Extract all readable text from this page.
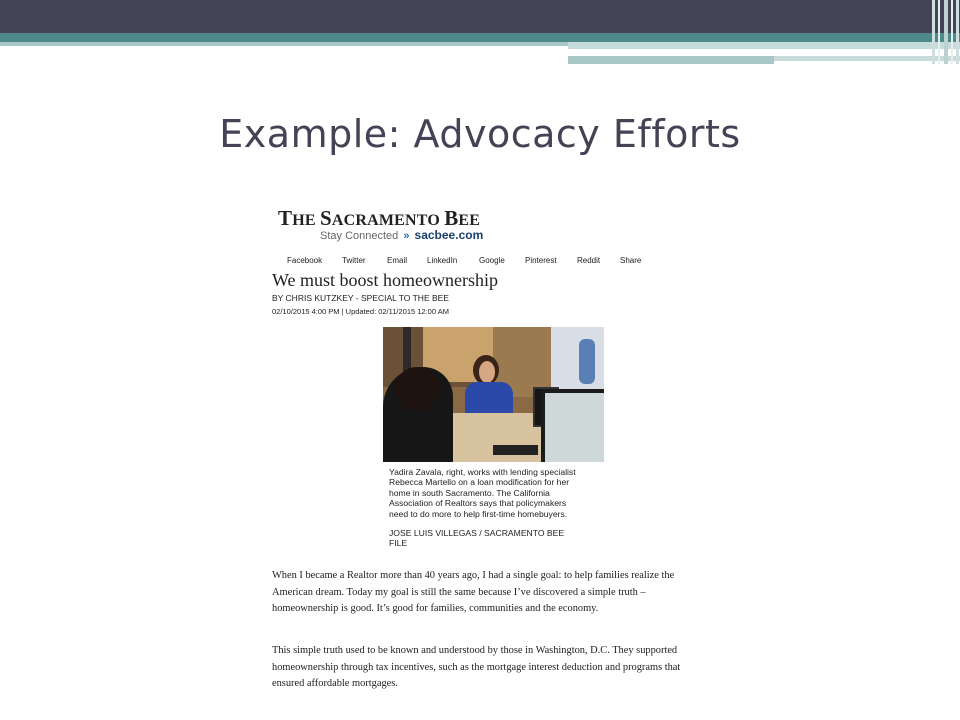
Example: Advocacy Efforts
THE SACRAMENTO BEE
Stay Connected » sacbee.com
Facebook Twitter	Email LinkedIn	Google	Pinterest	Reddit Share
We must boost homeownership
BY CHRIS KUTZKEY - SPECIAL TO THE BEE
02/10/2015 4:00 PM | Updated: 02/11/2015 12:00 AM
Yadira Zavala, right, works with lending specialist
Rebecca Martello on a loan modification for her
home in south Sacramento. The California
Association of Realtors says that policymakers
need to do more to help first-time homebuyers.
JOSE LUIS VILLEGAS / SACRAMENTO BEE
FILE
When I became a Realtor more than 40 years ago, I had a single goal: to help families realize the American dream. Today my goal is still the same because I’ve discovered a simple truth – homeownership is good. It’s good for families, communities and the economy.
This simple truth used to be known and understood by those in Washington, D.C. They supported homeownership through tax incentives, such as the mortgage interest deduction and programs that ensured affordable mortgages.
